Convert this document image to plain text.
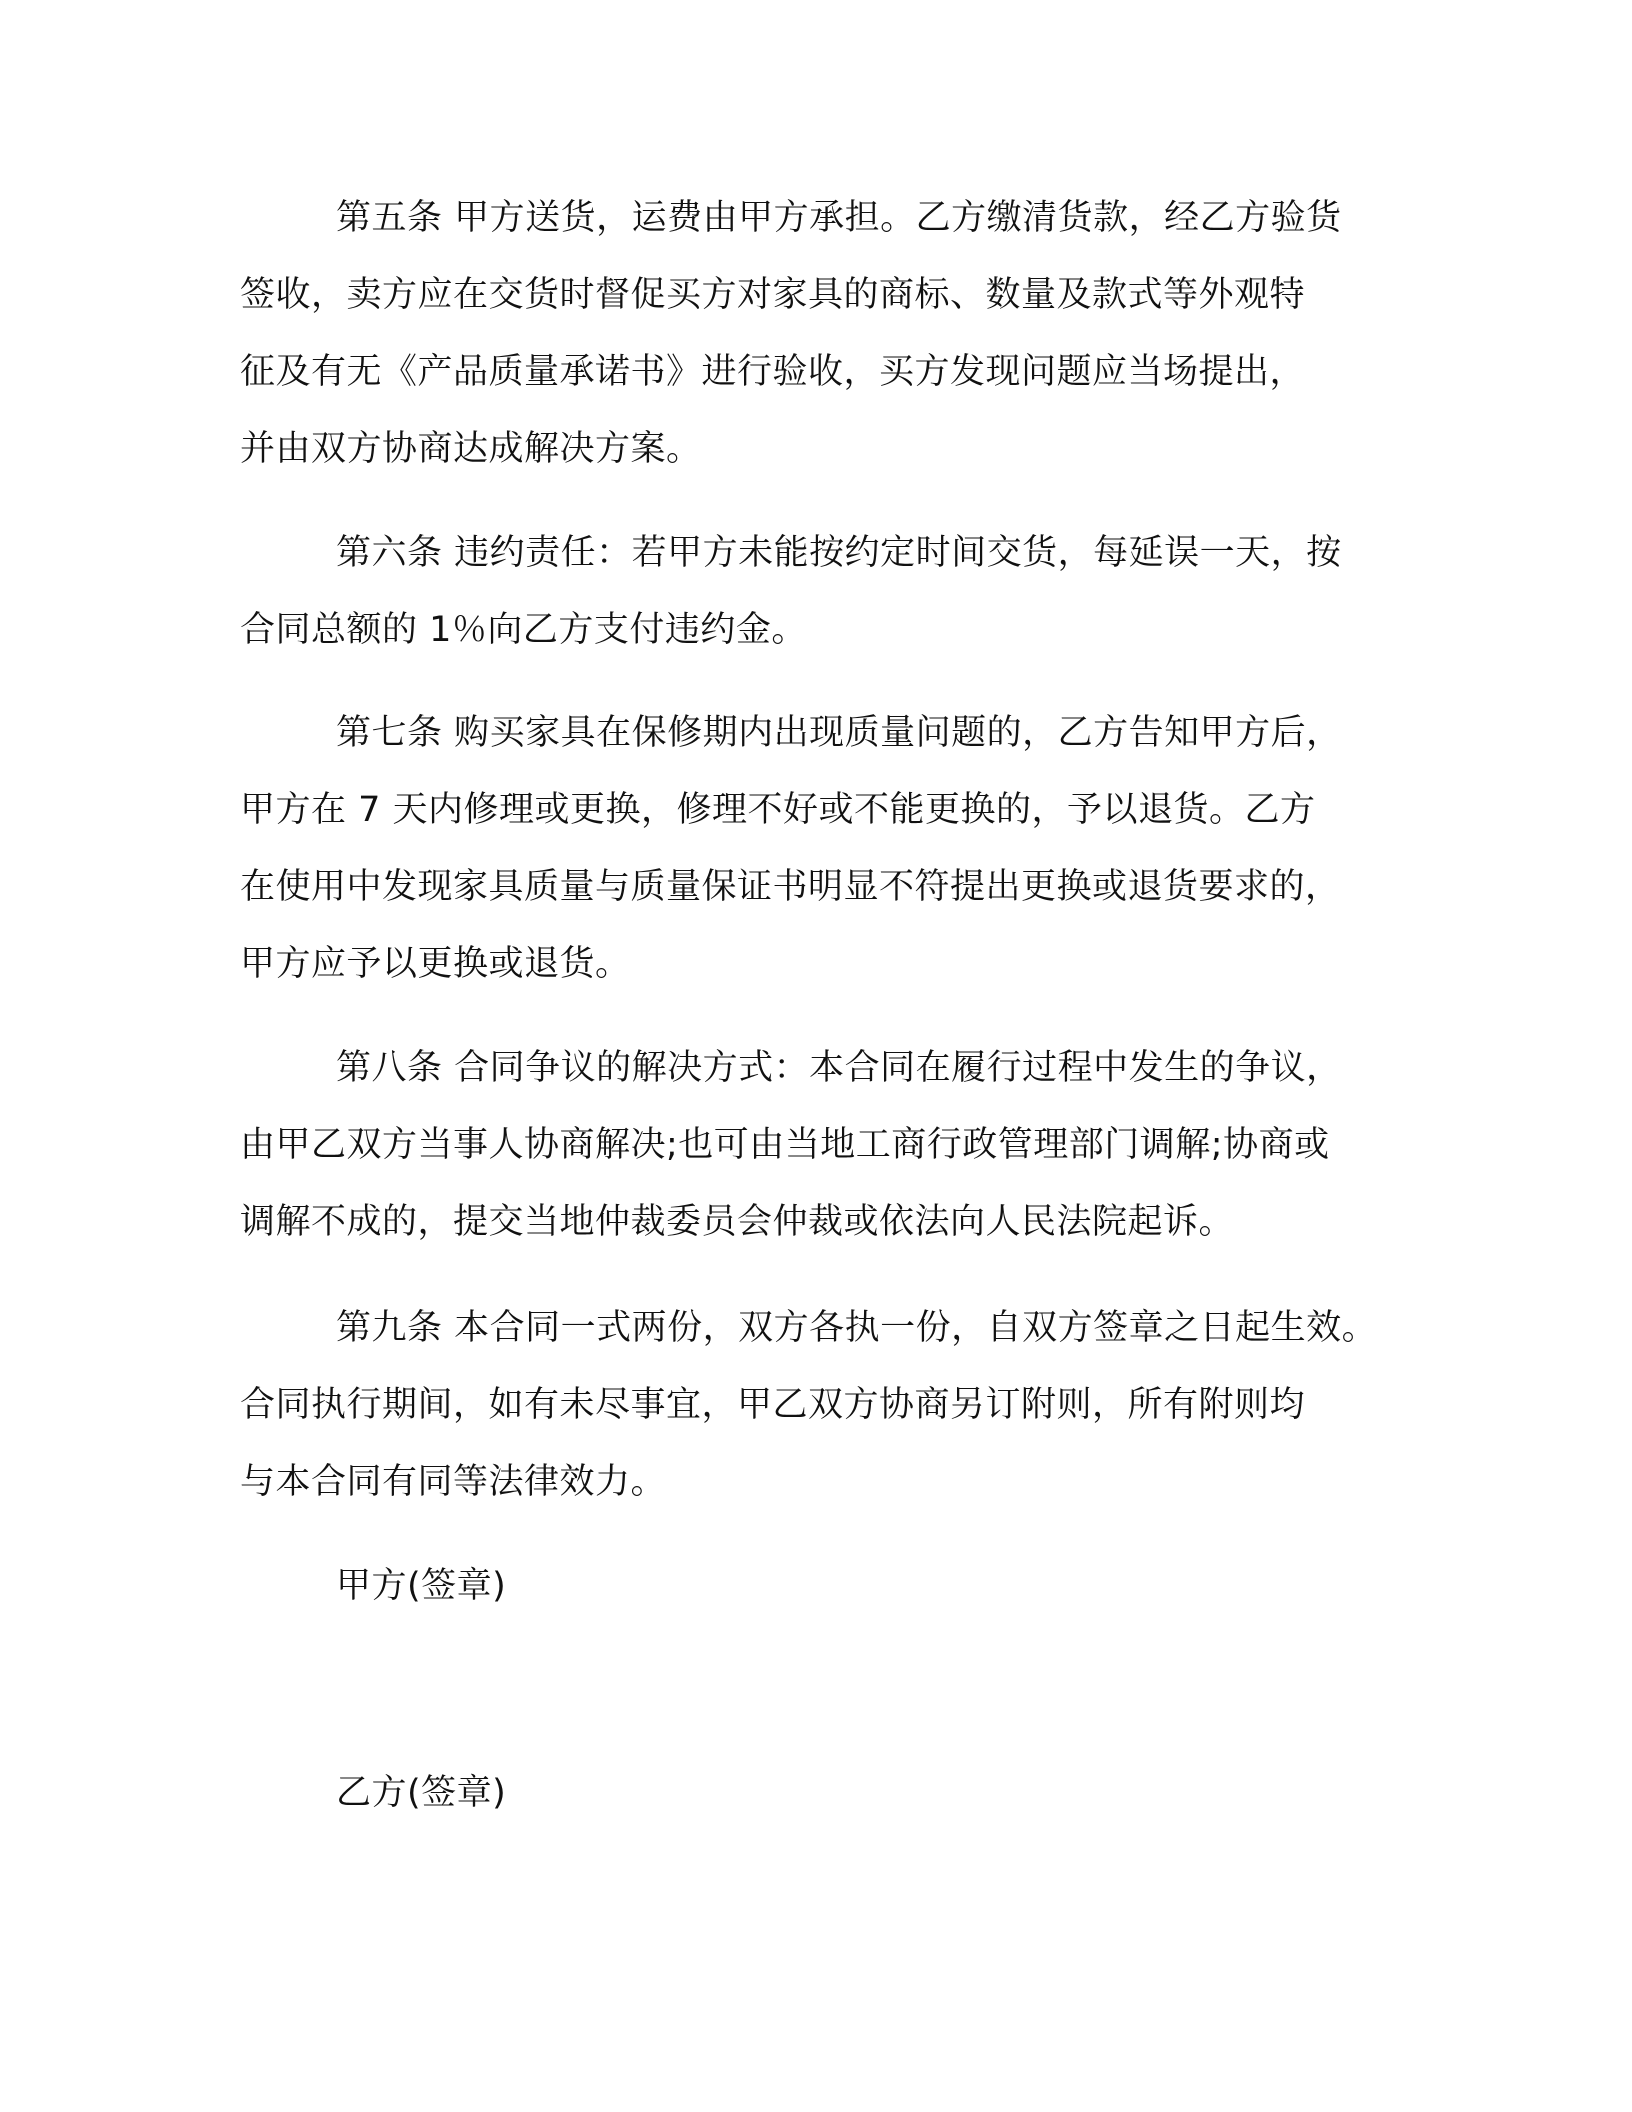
第五条 甲方送货，运费由甲方承担。乙方缴清货款，经乙方验货
签收，卖方应在交货时督促买方对家具的商标、数量及款式等外观特
征及有无《产品质量承诺书》进行验收，买方发现问题应当场提出，
并由双方协商达成解决方案。
第六条 违约责任：若甲方未能按约定时间交货，每延误一天，按
合同总额的 1％向乙方支付违约金。
第七条 购买家具在保修期内出现质量问题的，乙方告知甲方后，
甲方在 7 天内修理或更换，修理不好或不能更换的，予以退货。乙方
在使用中发现家具质量与质量保证书明显不符提出更换或退货要求的，
甲方应予以更换或退货。
第八条 合同争议的解决方式：本合同在履行过程中发生的争议，
由甲乙双方当事人协商解决;也可由当地工商行政管理部门调解;协商或
调解不成的，提交当地仲裁委员会仲裁或依法向人民法院起诉。
第九条 本合同一式两份，双方各执一份，自双方签章之日起生效。
合同执行期间，如有未尽事宜，甲乙双方协商另订附则，所有附则均
与本合同有同等法律效力。
甲方(签章)
乙方(签章)
